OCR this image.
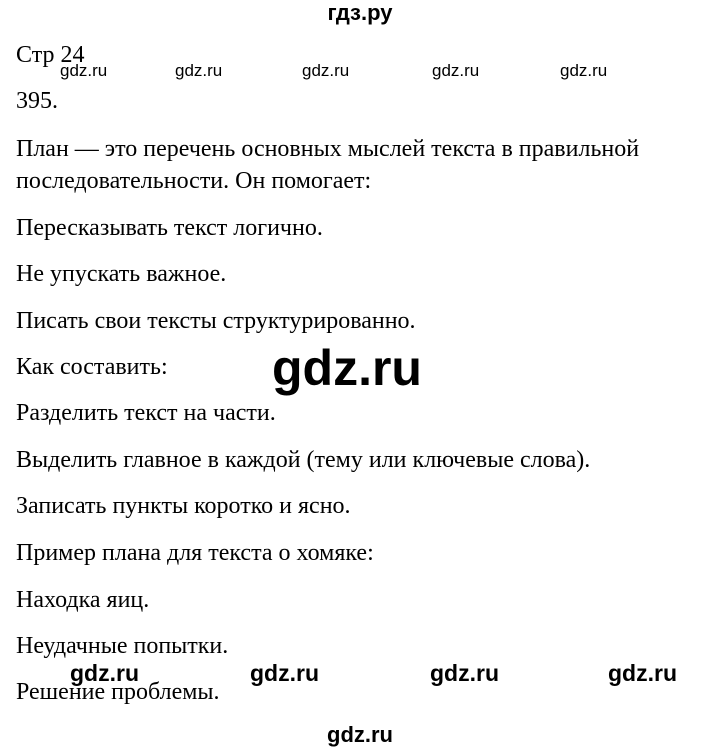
гдз.ру
Стр 24
gdz.ru	gdz.ru	gdz.ru	gdz.ru	gdz.ru
395.
План — это перечень основных мыслей текста в правильной
последовательности. Он помогает:
Пересказывать текст логично.
Не упускать важное.
Писать свои тексты структурированно.
Как составить: gdz.ru
Разделить текст на части.
Выделить главное в каждой (тему или ключевые слова).
Записать пункты коротко и ясно.
Пример плана для текста о хомяке:
Находка яиц.
Неудачные попытки.
gdz.ru	gdz.ru	gdz.ru	gdz.ru
Решение проблемы.
gdz.ru
